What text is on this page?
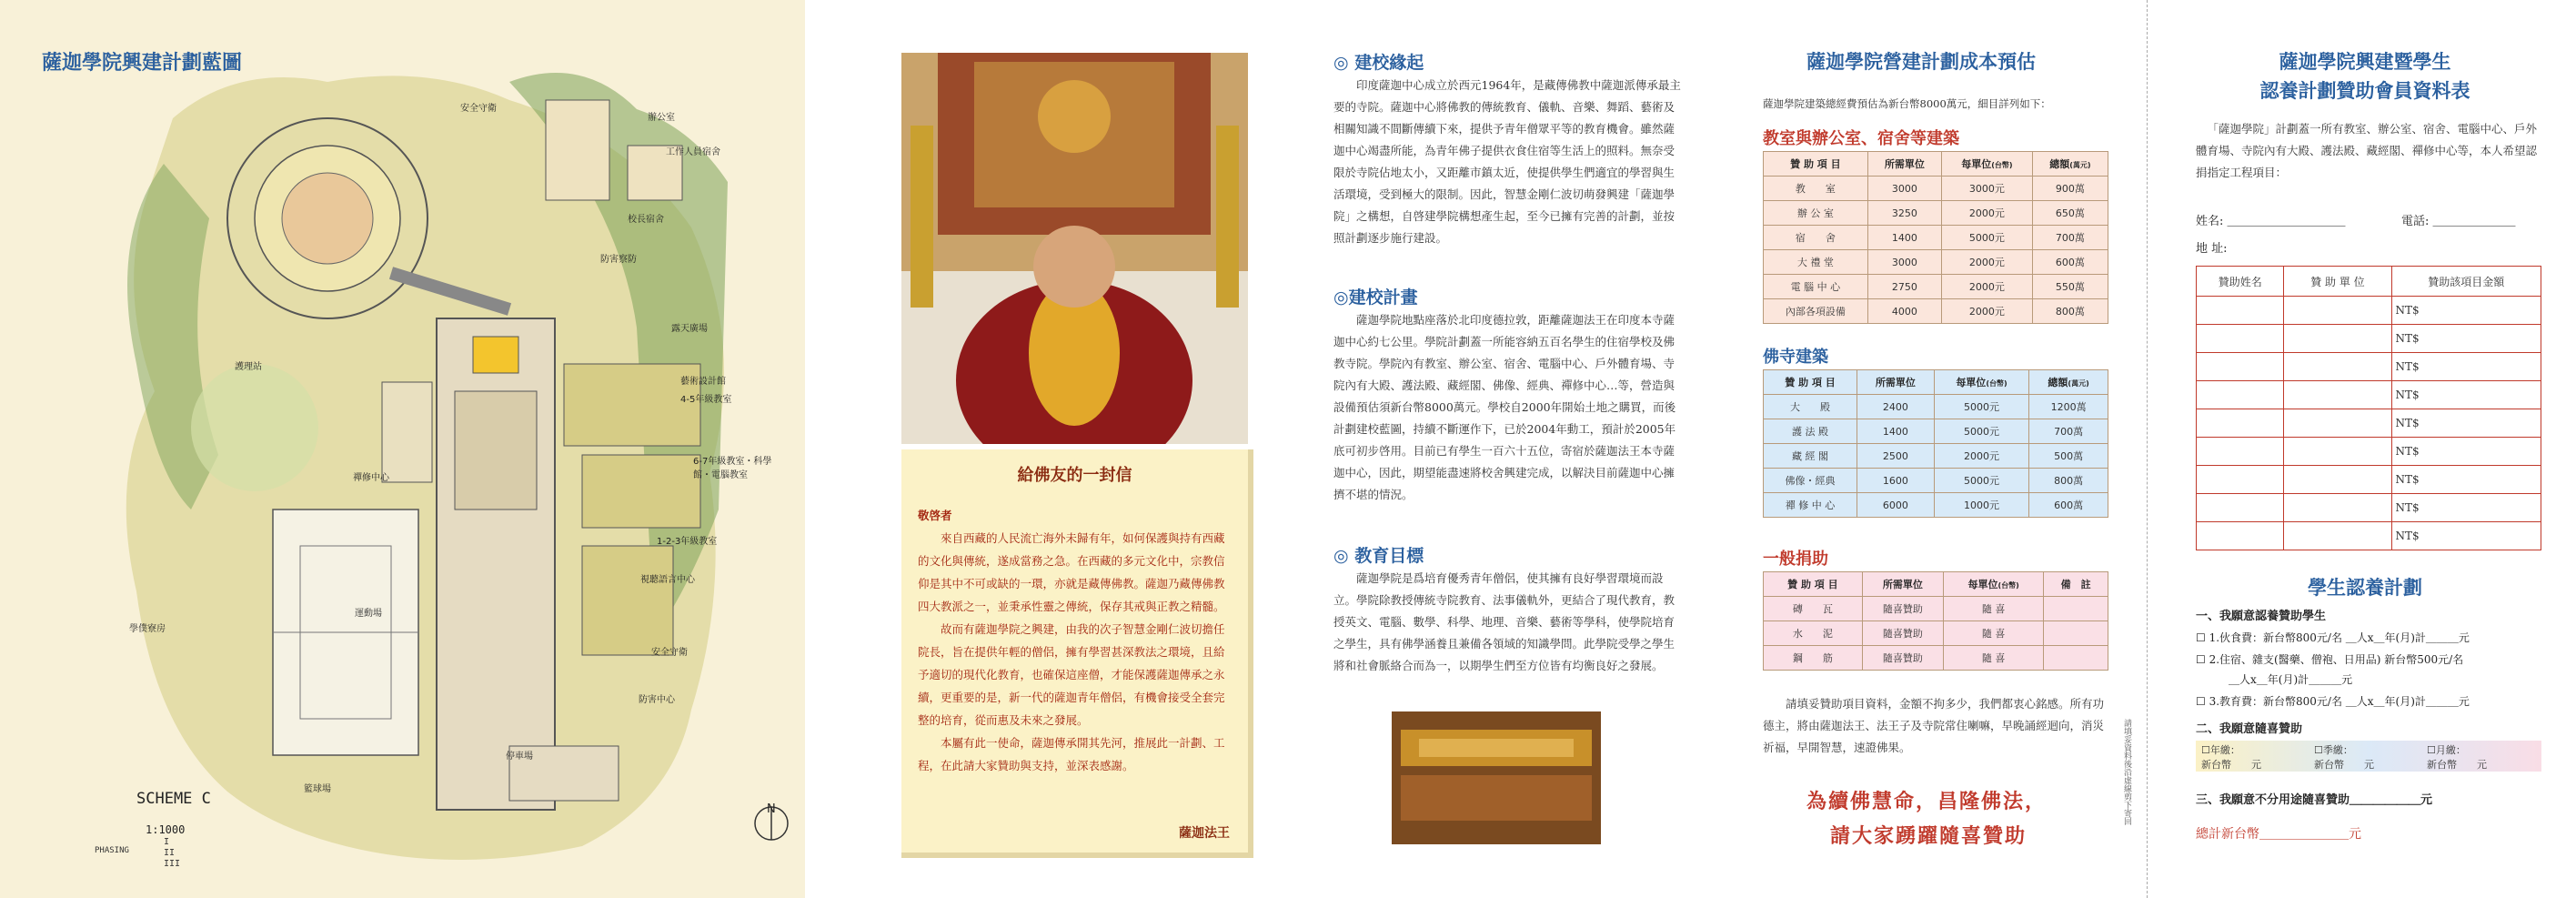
薩迦學院興建計劃藍圖
安全守衛
辦公室
工作人員宿舍
校長宿舍
防害察防
露天廣場
藝術設計館
4-5年級教室
6-7年級教室・科學館・電腦教室
護理站
禪修中心
運動場
1-2-3年級教室
視聽語言中心
學僕寮房
安全守衛
防害中心
停車場
籃球場
N
SCHEME C
1:1000
PHASING
I
II
III
給佛友的一封信
敬啓者

來自西藏的人民流亡海外未歸有年，如何保護與持有西藏的文化與傳統，遂成當務之急。在西藏的多元文化中，宗教信仰是其中不可或缺的一環，亦就是藏傳佛教。薩迦乃藏傳佛教四大教派之一，並秉承性靈之傳統，保存其戒與正教之精髓。

故而有薩迦學院之興建，由我的次子智慧金剛仁波切擔任院長，旨在提供年輕的僧侶，擁有學習甚深教法之環境，且給予適切的現代化教育，也確保這座僧，才能保護薩迦傳承之永續，更重要的是，新一代的薩迦青年僧侶，有機會接受全套完整的培育，從而惠及未來之發展。

本屬有此一使命，薩迦傳承開其先河，推展此一計劃、工程，在此請大家贊助與支持，並深表感謝。

薩迦法王
◎ 建校緣起
印度薩迦中心成立於西元1964年，是藏傳佛教中薩迦派傳承最主要的寺院。薩迦中心將佛教的傳統教育、儀軌、音樂、舞蹈、藝術及相關知識不間斷傳續下來，提供予青年僧眾平等的教育機會。雖然薩迦中心竭盡所能，為青年佛子提供衣食住宿等生活上的照料。無奈受限於寺院佔地太小，又距離市鎮太近，使提供學生們適宜的學習與生活環境，受到極大的限制。因此，智慧金剛仁波切萌發興建「薩迦學院」之構想，自啓建學院構想產生起，至今已擁有完善的計劃，並按照計劃逐步施行建設。
◎建校計畫
薩迦學院地點座落於北印度德拉敦，距離薩迦法王在印度本寺薩迦中心約七公里。學院計劃蓋一所能容納五百名學生的住宿學校及佛教寺院。學院內有教室、辦公室、宿舍、電腦中心、戶外體育場、寺院內有大殿、護法殿、藏經閣、佛像、經典、禪修中心…等，營造與設備預估須新台幣8000萬元。學校自2000年開始土地之購買，而後計劃建校藍圖，持續不斷運作下，已於2004年動工，預計於2005年底可初步啓用。目前已有學生一百六十五位，寄宿於薩迦法王本寺薩迦中心，因此，期望能盡速將校舍興建完成，以解決目前薩迦中心擁擠不堪的情況。
◎ 教育目標
薩迦學院是爲培育優秀青年僧侶，使其擁有良好學習環境而設立。學院除教授傳統寺院教育、法事儀軌外，更結合了現代教育，教授英文、電腦、數學、科學、地理、音樂、藝術等學科，使學院培育之學生，具有佛學涵養且兼備各領域的知識學問。此學院受學之學生將和社會脈絡合而為一，以期學生們至方位皆有均衡良好之發展。
薩迦學院營建計劃成本預估
薩迦學院建築總經費預估為新台幣8000萬元，細目詳列如下：
教室與辦公室、宿舍等建築
贊 助 項 目	所需單位	每單位(台幣)	總額(萬元)
教　　室	3000	3000元	900萬
辦 公 室	3250	2000元	650萬
宿　　舍	1400	5000元	700萬
大 禮 堂	3000	2000元	600萬
電 腦 中 心	2750	2000元	550萬
內部各項設備	4000	2000元	800萬
佛寺建築
贊 助 項 目	所需單位	每單位(台幣)	總額(萬元)
大　　殿	2400	5000元	1200萬
護 法 殿	1400	5000元	700萬
藏 經 閣	2500	2000元	500萬
佛像・經典	1600	5000元	800萬
禪 修 中 心	6000	1000元	600萬
一般捐助
贊 助 項 目	所需單位	每單位(台幣)	備　註
磚　　瓦	隨喜贊助	隨 喜	
水　　泥	隨喜贊助	隨 喜	
鋼　　筋	隨喜贊助	隨 喜	
請填妥贊助項目資料，金額不拘多少，我們都衷心銘感。所有功德主，將由薩迦法王、法王子及寺院常住喇嘛，早晚誦經迴向，消災祈福，早開智慧，速證佛果。
為續佛慧命，昌隆佛法，
請大家踴躍隨喜贊助
請填妥資料後沿虛線剪下寄回
薩迦學院興建暨學生
認養計劃贊助會員資料表
「薩迦學院」計劃蓋一所有教室、辦公室、宿舍、電腦中心、戶外體育場、寺院內有大殿、護法殿、藏經閣、禪修中心等，本人希望認捐指定工程項目：
姓名: ＿＿＿＿＿＿＿＿＿＿	電話: ＿＿＿＿＿＿＿
地 址:
贊助姓名	贊 助 單 位	贊助該項目金額
		NT$
		NT$
		NT$
		NT$
		NT$
		NT$
		NT$
		NT$
		NT$
學生認養計劃
一、我願意認養贊助學生
☐ 1.伙食費：新台幣800元/名 ＿人x＿年(月)計＿＿＿元
☐ 2.住宿、雜支(醫藥、僧袍、日用品) 新台幣500元/名
＿人x＿年(月)計＿＿＿元
☐ 3.教育費：新台幣800元/名 ＿人x＿年(月)計＿＿＿元
二、我願意隨喜贊助
☐年繳：
新台幣　　元
☐季繳：
新台幣　　元
☐月繳：
新台幣　　元
三、我願意不分用途隨喜贊助＿＿＿＿＿＿元
總計新台幣＿＿＿＿＿＿＿元
